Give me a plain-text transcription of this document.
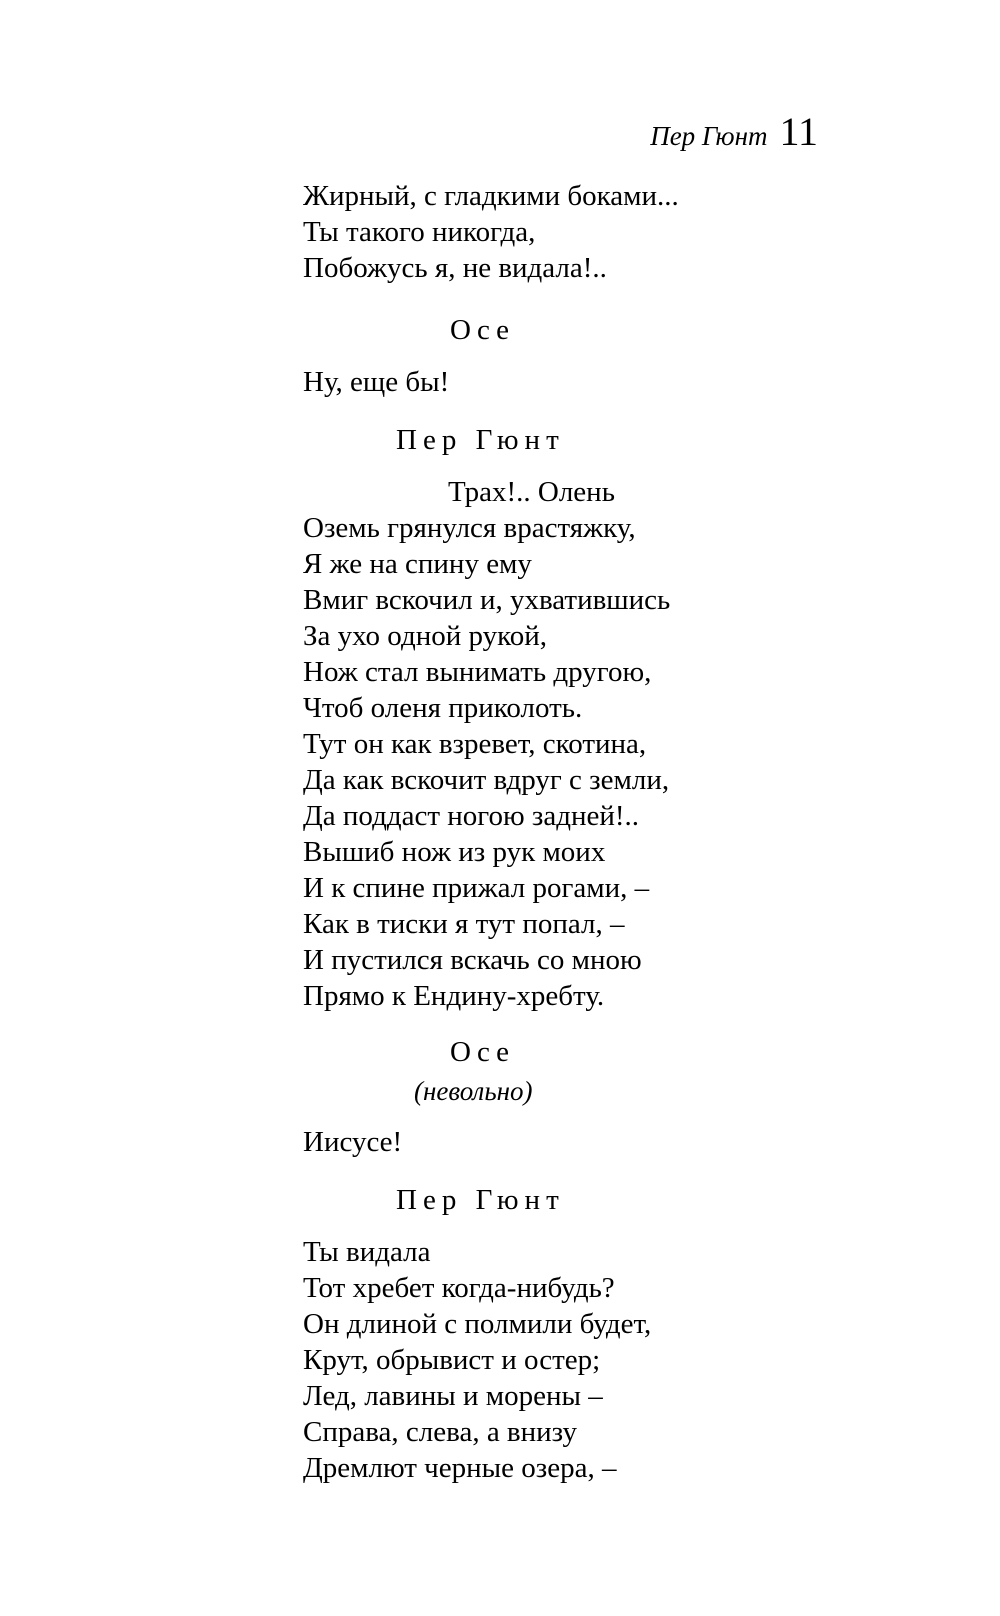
Пер Гюнт 11
Жирный, с гладкими боками...
Ты такого никогда,
Побожусь я, не видала!..
Осе
Ну, еще бы!
Пер Гюнт
Трах!.. Олень
Оземь грянулся врастяжку,
Я же на спину ему
Вмиг вскочил и, ухватившись
За ухо одной рукой,
Нож стал вынимать другою,
Чтоб оленя приколоть.
Тут он как взревет, скотина,
Да как вскочит вдруг с земли,
Да поддаст ногою задней!..
Вышиб нож из рук моих
И к спине прижал рогами, –
Как в тиски я тут попал, –
И пустился вскачь со мною
Прямо к Ендину-хребту.
Осе
(невольно)
Иисусе!
Пер Гюнт
Ты видала
Тот хребет когда-нибудь?
Он длиной с полмили будет,
Крут, обрывист и остер;
Лед, лавины и морены –
Справа, слева, а внизу
Дремлют черные озера, –
